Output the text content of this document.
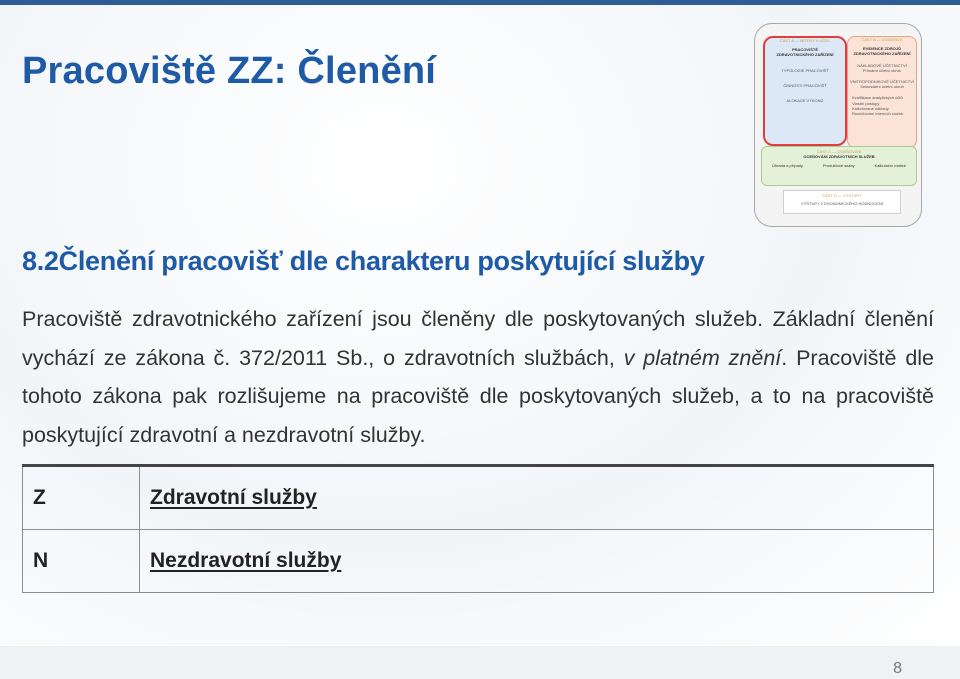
Pracoviště ZZ: Členění
ČÁST A — MOTIVY A ÚČEL
PRACOVIŠTĚ
ZDRAVOTNICKÉHO ZAŘÍZENÍ
TYPOLOGIE PRACOVIŠŤ
ČINNOSTI PRACOVIŠŤ
ALOKACE VÝKONŮ
ČÁST B — EVIDENCE
EVIDENCE ZDROJŮ
ZDRAVOTNICKÉHO ZAŘÍZENÍ
NÁKLADOVÉ ÚČETNICTVÍ
Primární účetní okruh
VNITROPODNIKOVÉ ÚČETNICTVÍ
Sekundární účetní okruh
Kvalifikace analytických účtů
Vlastní postupy
Kalkulované náklady
Rozúčtování interních služeb
ČÁST C — OCEŇOVÁNÍ
OCEŇOVÁNÍ ZDRAVOTNÍCH SLUŽEB
Úhrada a případy	Produktové sazby	Kalkulační matice
ČÁST D — VÝSTUPY
VÝSTUPY Z EKONOMICKÉHO HODNOCENÍ
8.2Členění pracovišť dle charakteru poskytující služby

Pracoviště zdravotnického zařízení jsou členěny dle poskytovaných služeb. Základní členění vychází ze zákona č. 372/2011 Sb., o zdravotních službách, v platném znění. Pracoviště dle tohoto zákona pak rozlišujeme na pracoviště dle poskytovaných služeb, a to na pracoviště poskytující zdravotní a nezdravotní služby.

Z	Zdravotní služby
N	Nezdravotní služby
8
